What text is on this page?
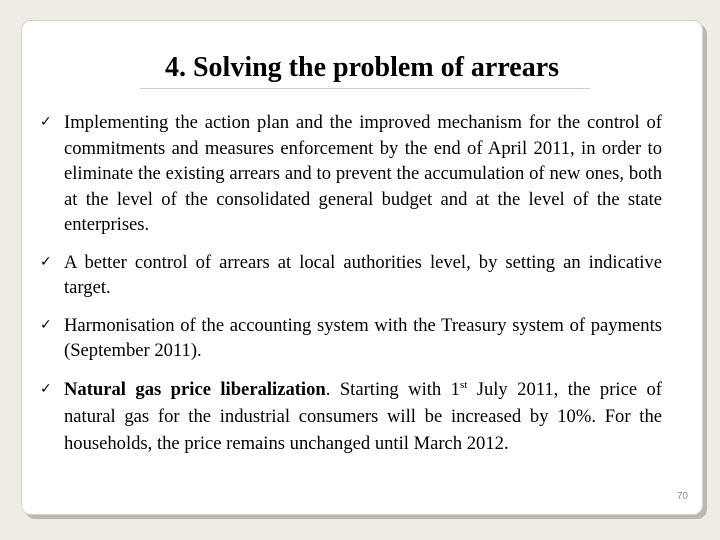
4. Solving the problem of arrears
✓ Implementing the action plan and the improved mechanism for the control of commitments and measures enforcement by the end of April 2011, in order to eliminate the existing arrears and to prevent the accumulation of new ones, both at the level of the consolidated general budget and at the level of the state enterprises.
✓ A better control of arrears at local authorities level, by setting an indicative target.
✓ Harmonisation of the accounting system with the Treasury system of payments (September 2011).
✓ Natural gas price liberalization. Starting with 1st July 2011, the price of natural gas for the industrial consumers will be increased by 10%. For the households, the price remains unchanged until March 2012.
70
